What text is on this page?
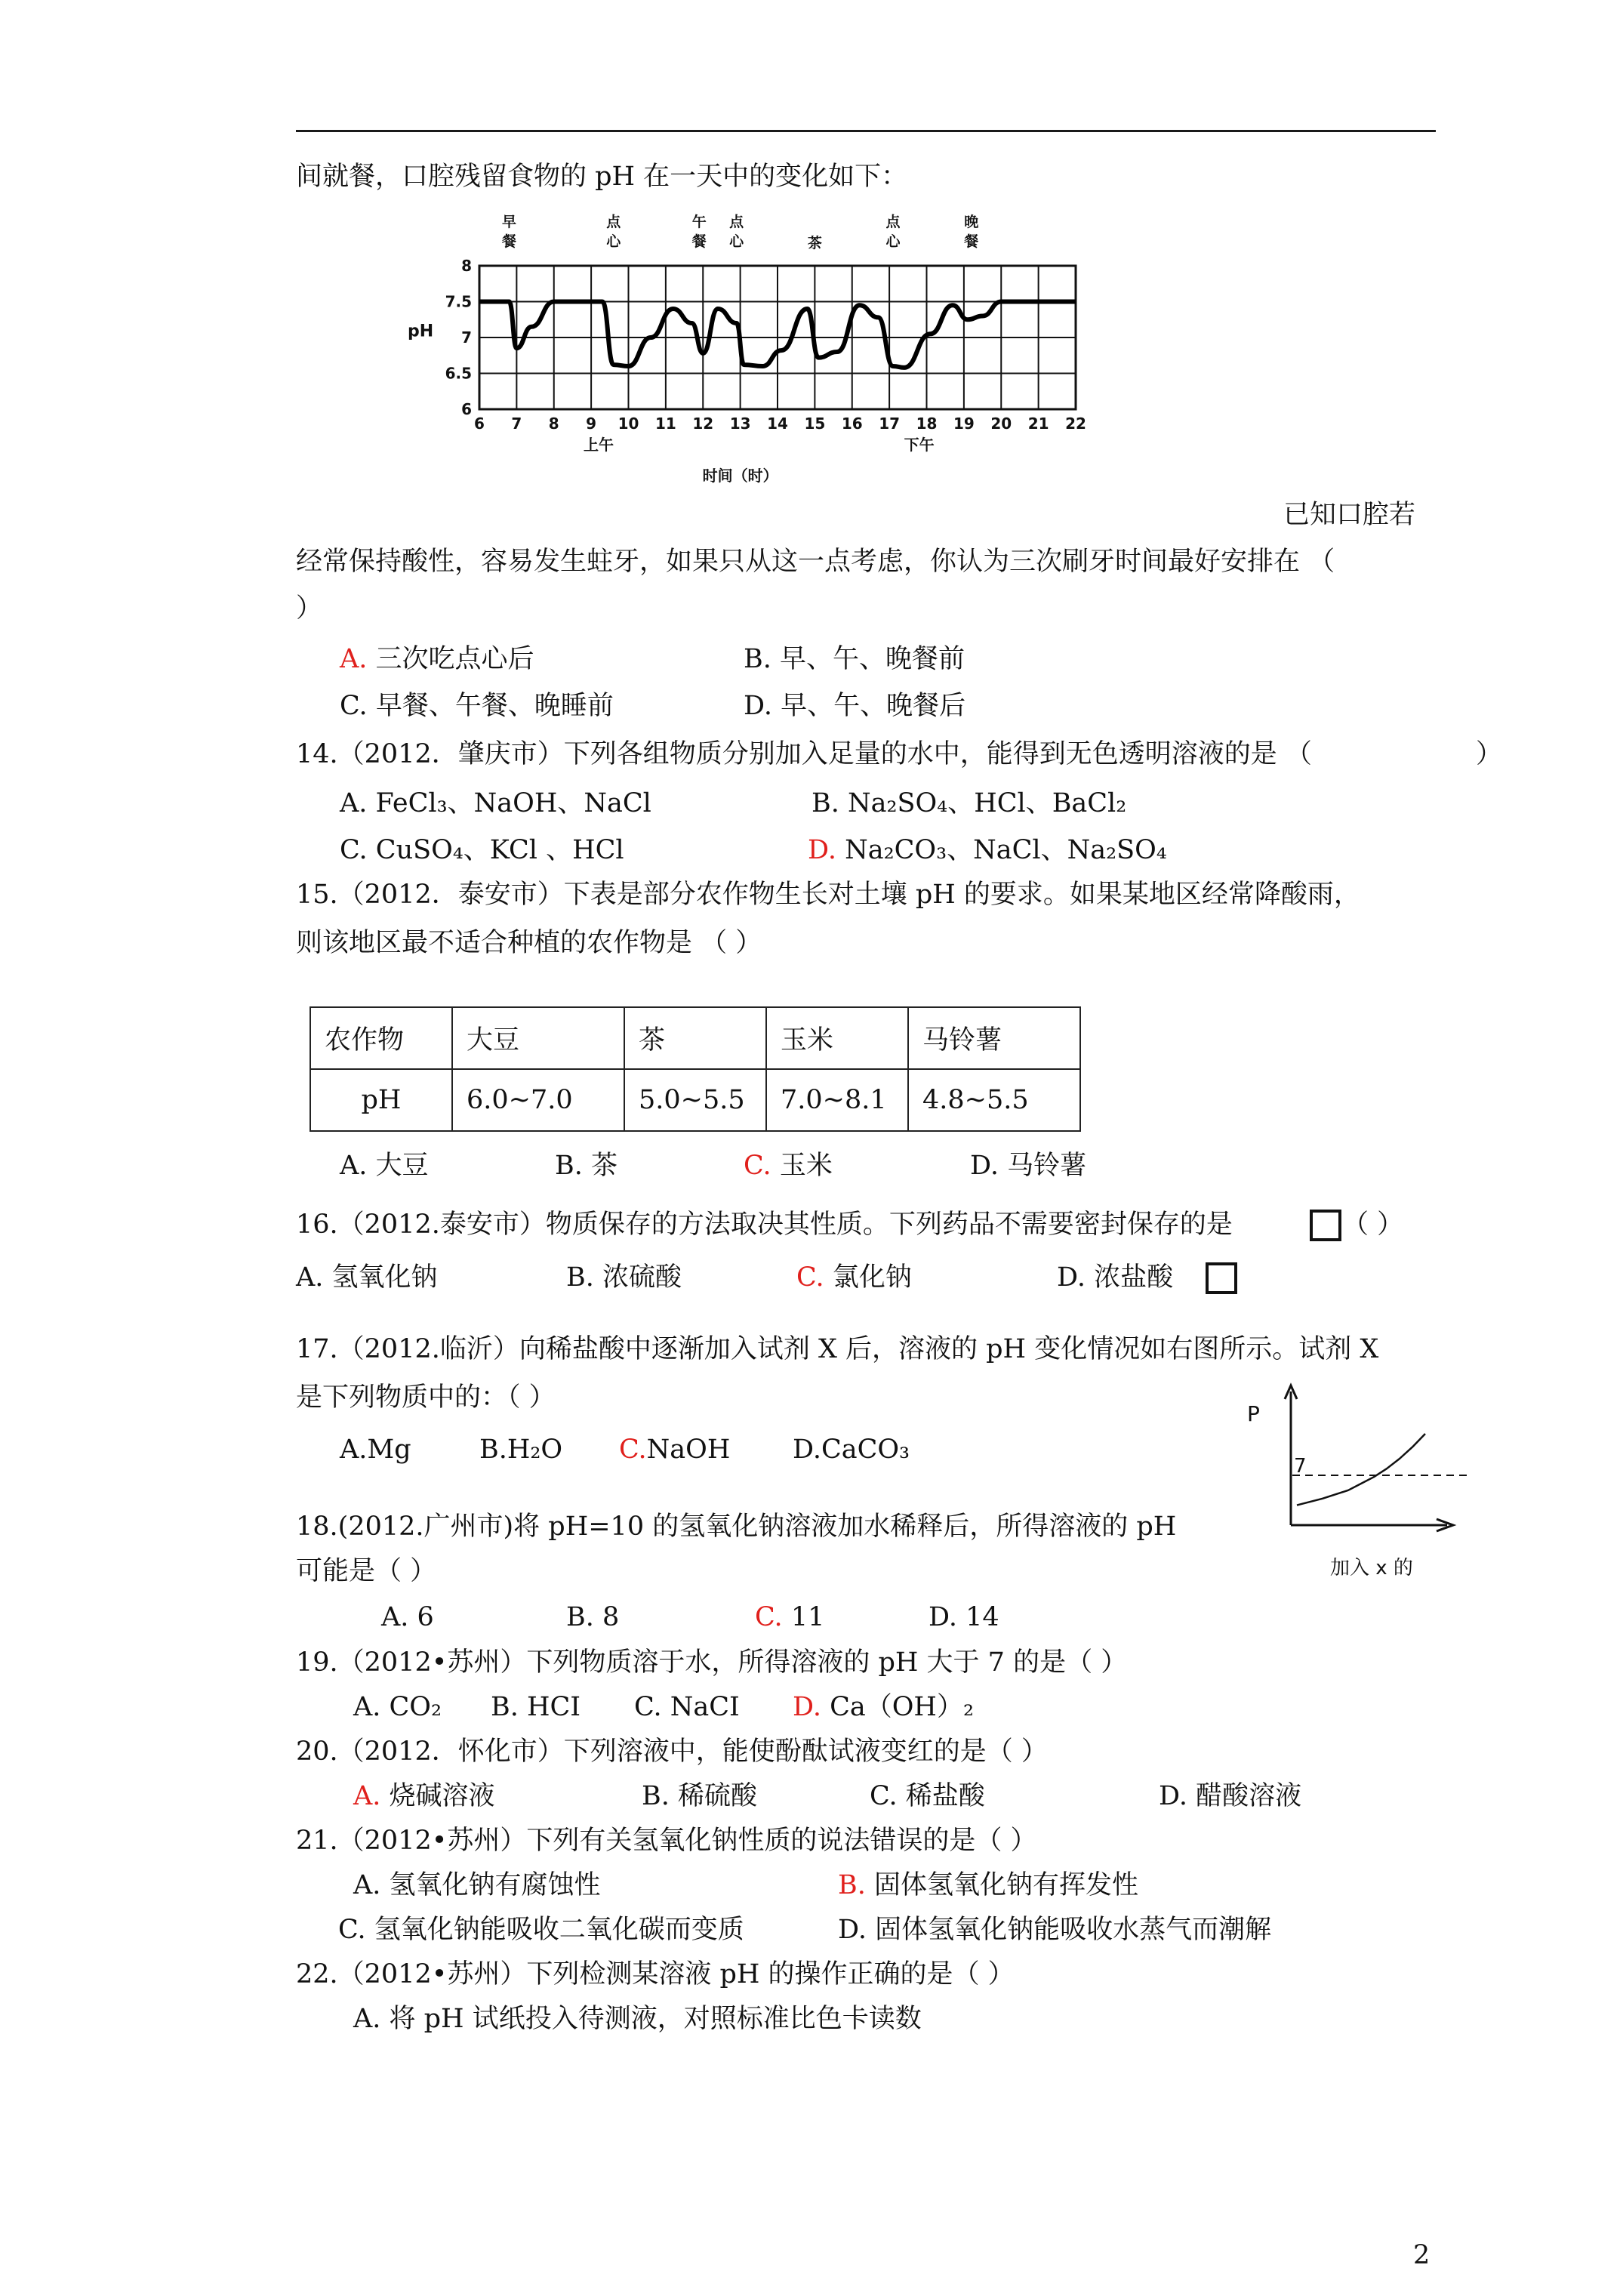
间就餐，口腔残留食物的 pH 在一天中的变化如下：
6 7 8 9 10 11 12 13 14 15 16 17 18 19 20 21 22
6
6.5
7
7.5
8
pH
时间（时）
早
餐
点
心
午
餐
点
心	茶
点
心
晚
餐
上午	下午
已知口腔若
经常保持酸性，容易发生蛀牙，如果只从这一点考虑，你认为三次刷牙时间最好安排在 （
）
A. 三次吃点心后	B. 早、午、晚餐前
C. 早餐、午餐、晚睡前	D. 早、午、晚餐后
14.（2012．肇庆市）下列各组物质分别加入足量的水中，能得到无色透明溶液的是 （	）
A. FeCl₃、NaOH、NaCl	B. Na₂SO₄、HCl、BaCl₂
C. CuSO₄、KCl 、HCl	D. Na₂CO₃、NaCl、Na₂SO₄
15.（2012．泰安市）下表是部分农作物生长对土壤 pH 的要求。如果某地区经常降酸雨，
则该地区最不适合种植的农作物是 （ ）
农作物	大豆	茶	玉米	马铃薯
pH	6.0~7.0	5.0~5.5	7.0~8.1	4.8~5.5
A. 大豆	B. 茶	C. 玉米	D. 马铃薯
16.（2012.泰安市）物质保存的方法取决其性质。下列药品不需要密封保存的是	（ ）
A. 氢氧化钠	B. 浓硫酸	C. 氯化钠	D. 浓盐酸
17.（2012.临沂）向稀盐酸中逐渐加入试剂 X 后，溶液的 pH 变化情况如右图所示。试剂 X
是下列物质中的：（ ）
A.Mg	B.H₂O C.NaOH D.CaCO₃
P
7
加入 x 的
18.(2012.广州市)将 pH=10 的氢氧化钠溶液加水稀释后，所得溶液的 pH
可能是（ ）
A. 6	B. 8	C. 11	D. 14
19.（2012•苏州）下列物质溶于水，所得溶液的 pH 大于 7 的是（ ）
A. CO₂ B. HCI C. NaCI D. Ca（OH）₂
20.（2012．怀化市）下列溶液中，能使酚酞试液变红的是（ ）
A. 烧碱溶液	B. 稀硫酸	C. 稀盐酸	D. 醋酸溶液
21.（2012•苏州）下列有关氢氧化钠性质的说法错误的是（ ）
A. 氢氧化钠有腐蚀性	B. 固体氢氧化钠有挥发性
C. 氢氧化钠能吸收二氧化碳而变质	D. 固体氢氧化钠能吸收水蒸气而潮解
22.（2012•苏州）下列检测某溶液 pH 的操作正确的是（ ）
A. 将 pH 试纸投入待测液，对照标准比色卡读数
2
